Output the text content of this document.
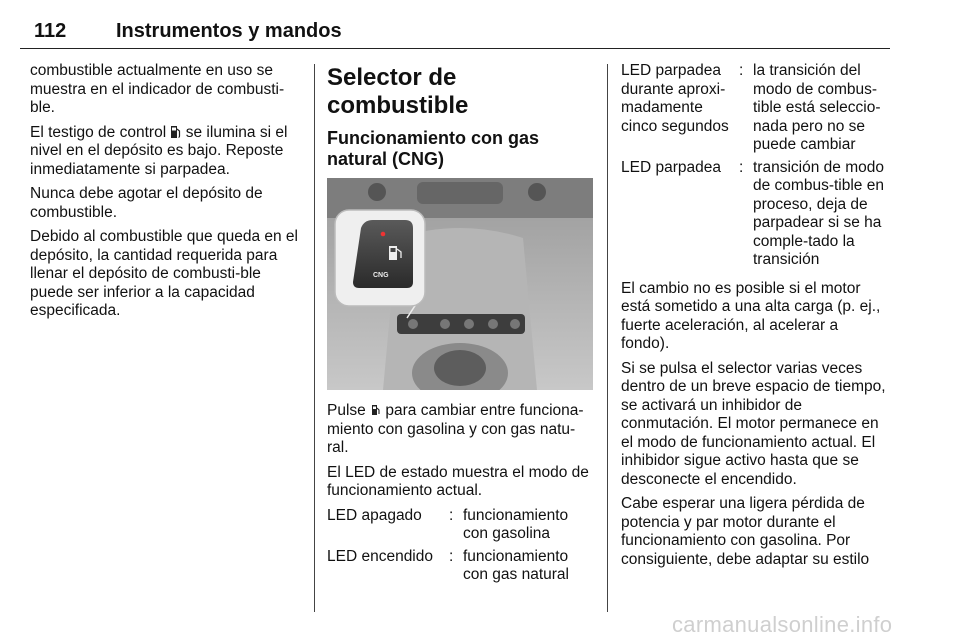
112 Instrumentos y mandos

combustible actualmente en uso se muestra en el indicador de combusti-ble.

El testigo de control  se ilumina si el nivel en el depósito es bajo. Reposte inmediatamente si parpadea.

Nunca debe agotar el depósito de combustible.

Debido al combustible que queda en el depósito, la cantidad requerida para llenar el depósito de combusti-ble puede ser inferior a la capacidad especificada.

Selector de combustible
Funcionamiento con gas natural (CNG)
CNG

Pulse  para cambiar entre funciona-miento con gasolina y con gas natu-ral.

El LED de estado muestra el modo de funcionamiento actual.

LED apagado	: funcionamiento con gasolina
LED encendido	: funcionamiento con gas natural
LED parpadea durante aproxi-madamente cinco segundos
: la transición del modo de combus-tible está seleccio-nada pero no se puede cambiar
LED parpadea	: transición de modo de combus-tible en proceso, deja de parpadear si se ha comple-tado la transición

El cambio no es posible si el motor está sometido a una alta carga (p. ej., fuerte aceleración, al acelerar a fondo).

Si se pulsa el selector varias veces dentro de un breve espacio de tiempo, se activará un inhibidor de conmutación. El motor permanece en el modo de funcionamiento actual. El inhibidor sigue activo hasta que se desconecte el encendido.

Cabe esperar una ligera pérdida de potencia y par motor durante el funcionamiento con gasolina. Por consiguiente, debe adaptar su estilo

carmanualsonline.info
